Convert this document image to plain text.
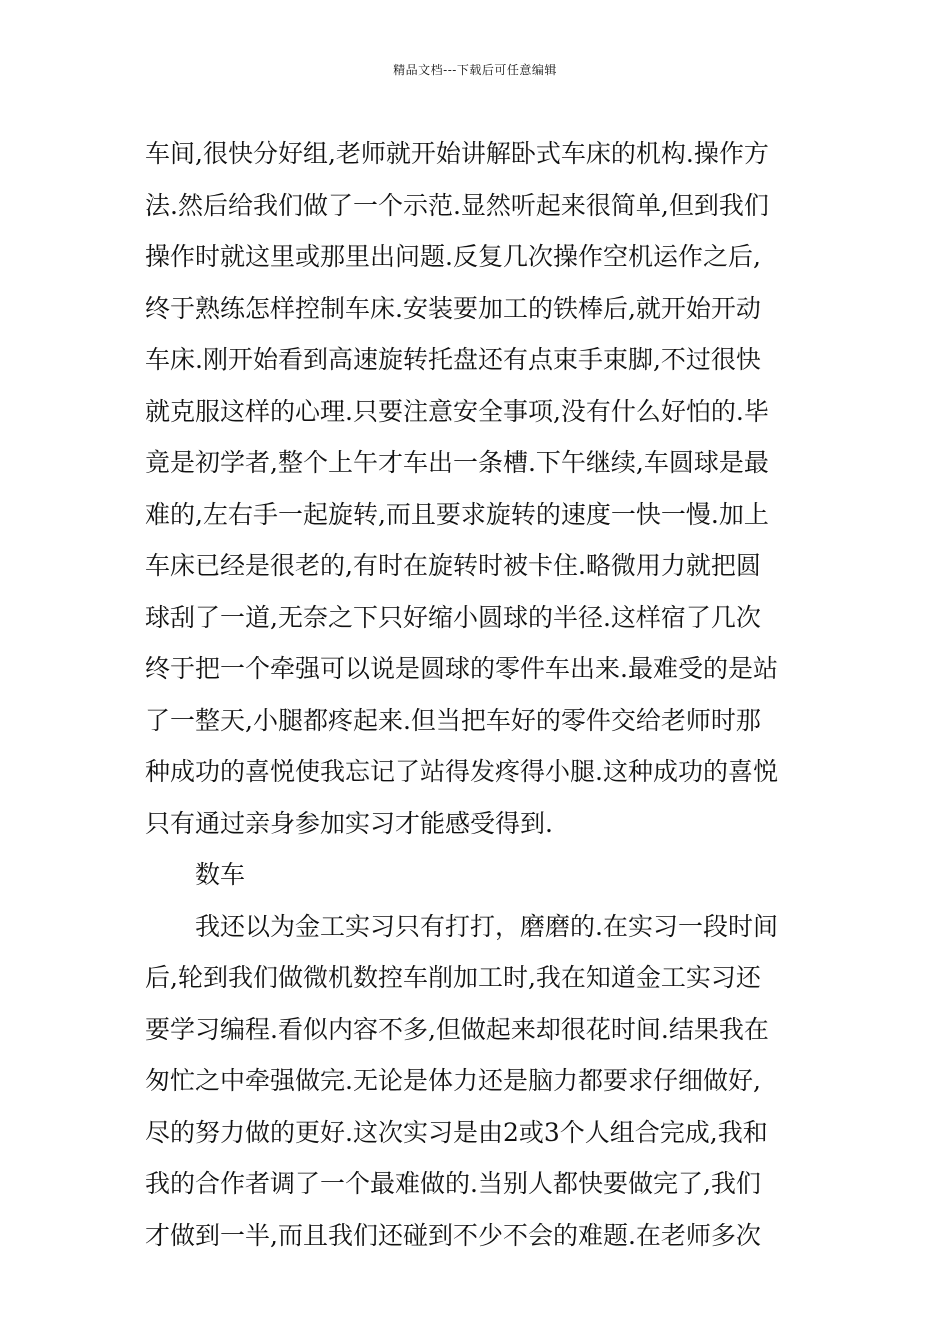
精品文档---下载后可任意编辑
车间,很快分好组,老师就开始讲解卧式车床的机构.操作方
法.然后给我们做了一个示范.显然听起来很简单,但到我们
操作时就这里或那里出问题.反复几次操作空机运作之后,
终于熟练怎样控制车床.安装要加工的铁棒后,就开始开动
车床.刚开始看到高速旋转托盘还有点束手束脚,不过很快
就克服这样的心理.只要注意安全事项,没有什么好怕的.毕
竟是初学者,整个上午才车出一条槽.下午继续,车圆球是最
难的,左右手一起旋转,而且要求旋转的速度一快一慢.加上
车床已经是很老的,有时在旋转时被卡住.略微用力就把圆
球刮了一道,无奈之下只好缩小圆球的半径.这样宿了几次
终于把一个牵强可以说是圆球的零件车出来.最难受的是站
了一整天,小腿都疼起来.但当把车好的零件交给老师时那
种成功的喜悦使我忘记了站得发疼得小腿.这种成功的喜悦
只有通过亲身参加实习才能感受得到.
数车
我还以为金工实习只有打打，磨磨的.在实习一段时间
后,轮到我们做微机数控车削加工时,我在知道金工实习还
要学习编程.看似内容不多,但做起来却很花时间.结果我在
匆忙之中牵强做完.无论是体力还是脑力都要求仔细做好,
尽的努力做的更好.这次实习是由2或3个人组合完成,我和
我的合作者调了一个最难做的.当别人都快要做完了,我们
才做到一半,而且我们还碰到不少不会的难题.在老师多次
